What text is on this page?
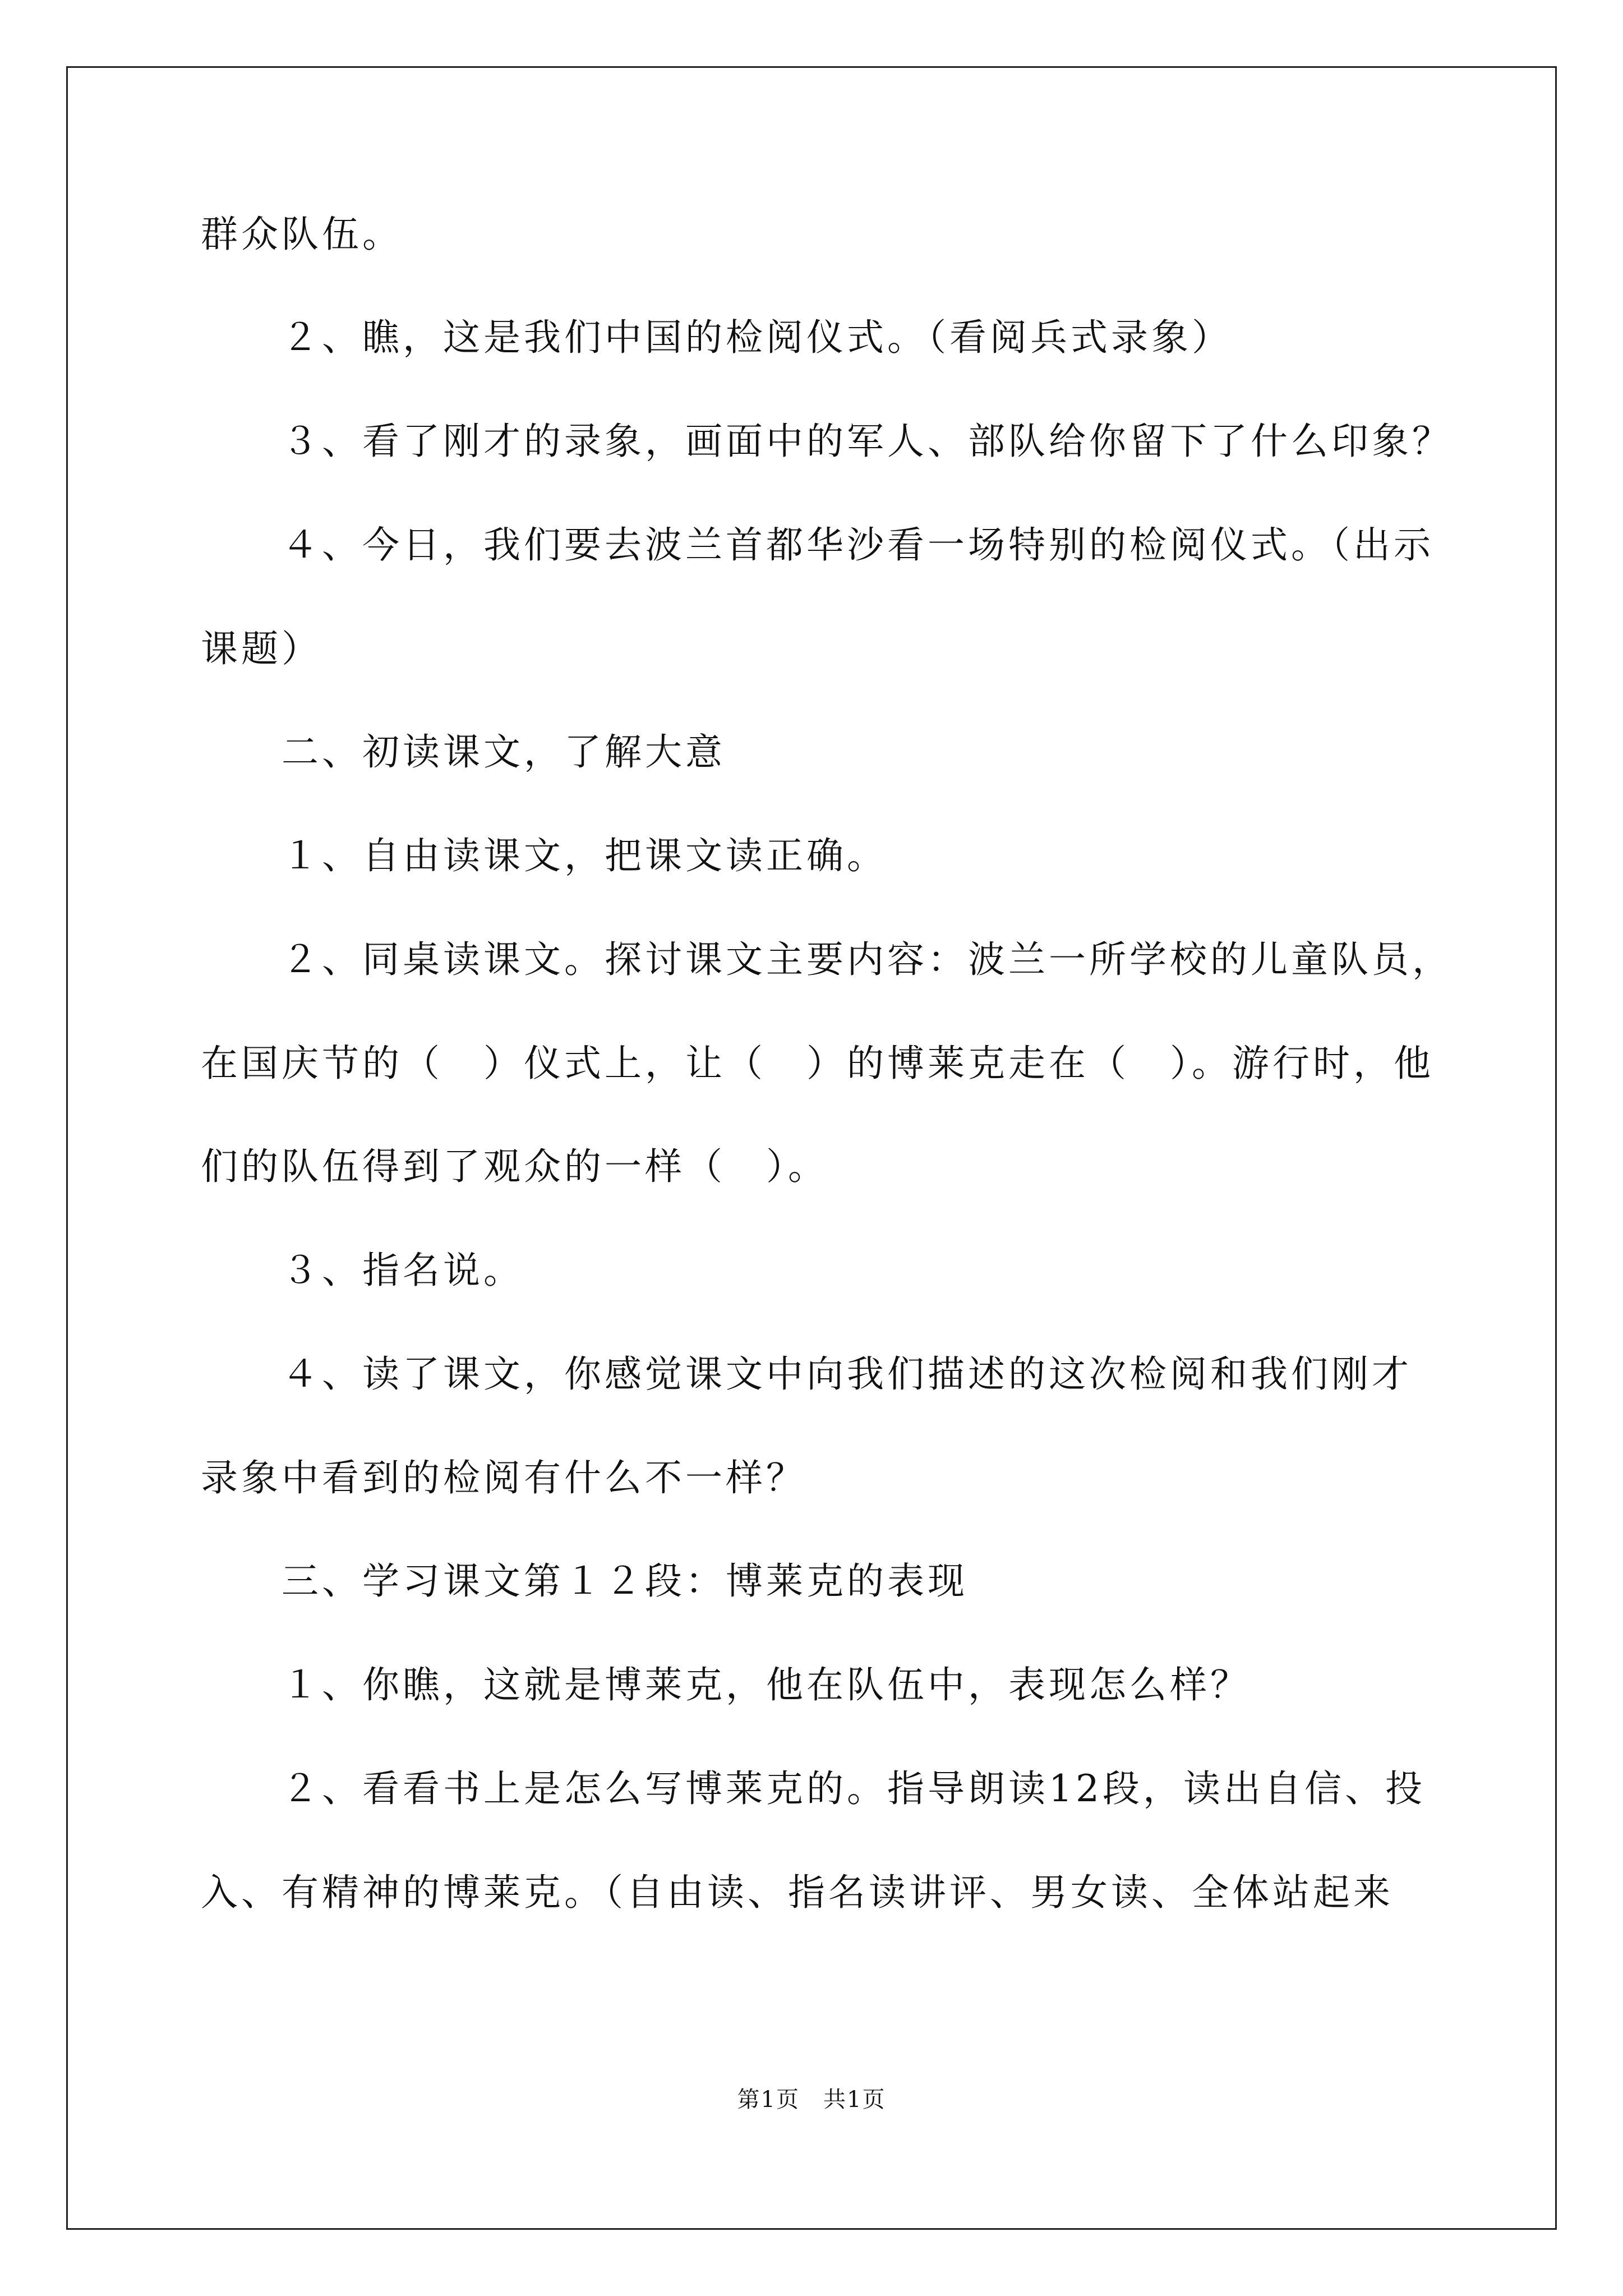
群众队伍。

２、瞧，这是我们中国的检阅仪式。（看阅兵式录象）

３、看了刚才的录象，画面中的军人、部队给你留下了什么印象？

４、今日，我们要去波兰首都华沙看一场特别的检阅仪式。（出示

课题）

二、初读课文，了解大意

１、自由读课文，把课文读正确。

２、同桌读课文。探讨课文主要内容：波兰一所学校的儿童队员，

在国庆节的（　）仪式上，让（　）的博莱克走在（　）。游行时，他

们的队伍得到了观众的一样（　）。

３、指名说。

４、读了课文，你感觉课文中向我们描述的这次检阅和我们刚才

录象中看到的检阅有什么不一样？

三、学习课文第１２段：博莱克的表现

１、你瞧，这就是博莱克，他在队伍中，表现怎么样？

２、看看书上是怎么写博莱克的。指导朗读12段，读出自信、投

入、有精神的博莱克。（自由读、指名读讲评、男女读、全体站起来

第1页　共1页
